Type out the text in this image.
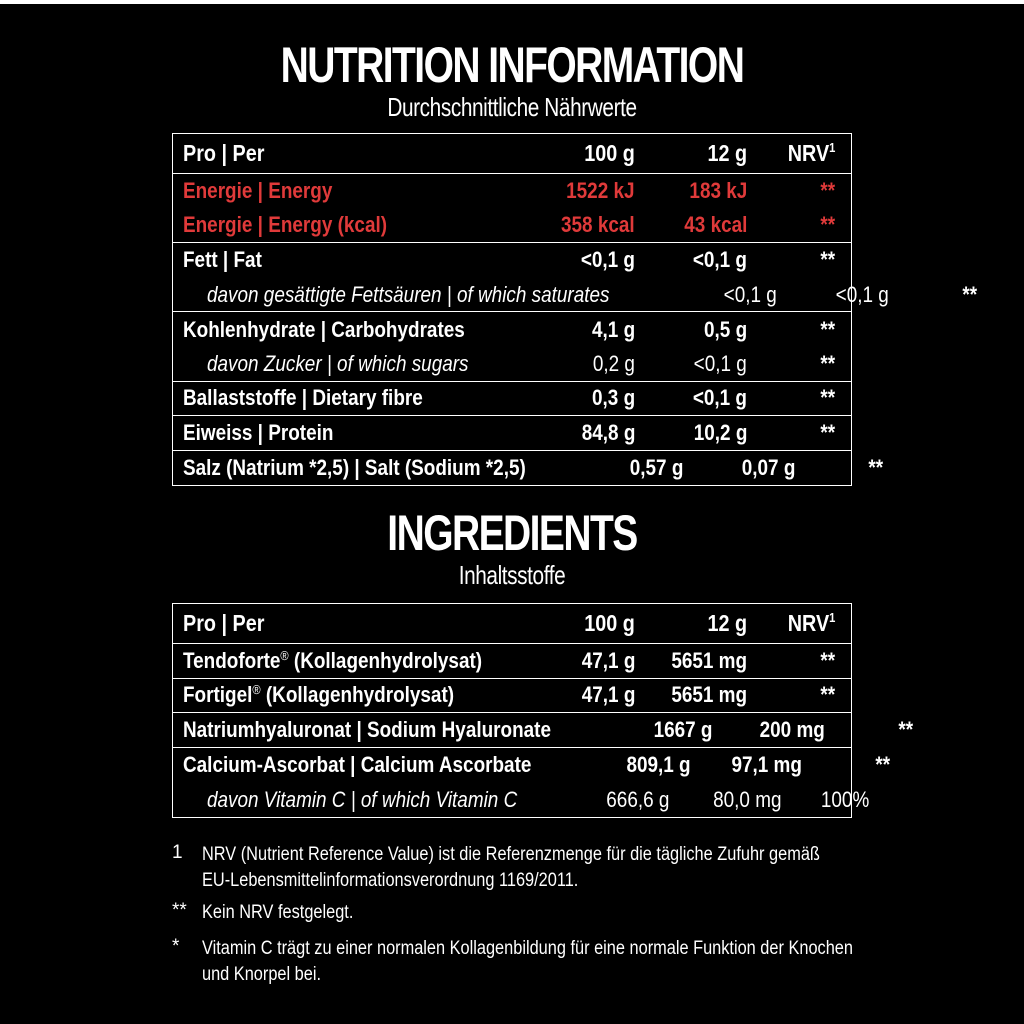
NUTRITION INFORMATION
Durchschnittliche Nährwerte
Pro | Per	100 g	12 g	NRV$^1$
Energie | Energy	1522 kJ	183 kJ	**
Energie | Energy (kcal)	358 kcal	43 kcal	**
Fett | Fat	<0,1 g	<0,1 g	**
davon gesättigte Fettsäuren | of which saturates	<0,1 g	<0,1 g	**
Kohlenhydrate | Carbohydrates	4,1 g	0,5 g	**
davon Zucker | of which sugars	0,2 g	<0,1 g	**
Ballaststoffe | Dietary fibre	0,3 g	<0,1 g	**
Eiweiss | Protein	84,8 g	10,2 g	**
Salz (Natrium *2,5) | Salt (Sodium *2,5)	0,57 g	0,07 g	**
INGREDIENTS
Inhaltsstoffe
Pro | Per	100 g	12 g	NRV$^1$
Tendoforte® (Kollagenhydrolysat)	47,1 g	5651 mg	**
Fortigel® (Kollagenhydrolysat)	47,1 g	5651 mg	**
Natriumhyaluronat | Sodium Hyaluronate	1667 g	200 mg	**
Calcium-Ascorbat | Calcium Ascorbate	809,1 g	97,1 mg	**
davon Vitamin C | of which Vitamin C	666,6 g	80,0 mg	100%
1	NRV (Nutrient Reference Value) ist die Referenzmenge für die tägliche Zufuhr gemäß
EU-Lebensmittelinformationsverordnung 1169/2011.
** Kein NRV festgelegt.
*	Vitamin C trägt zu einer normalen Kollagenbildung für eine normale Funktion der Knochen
und Knorpel bei.
